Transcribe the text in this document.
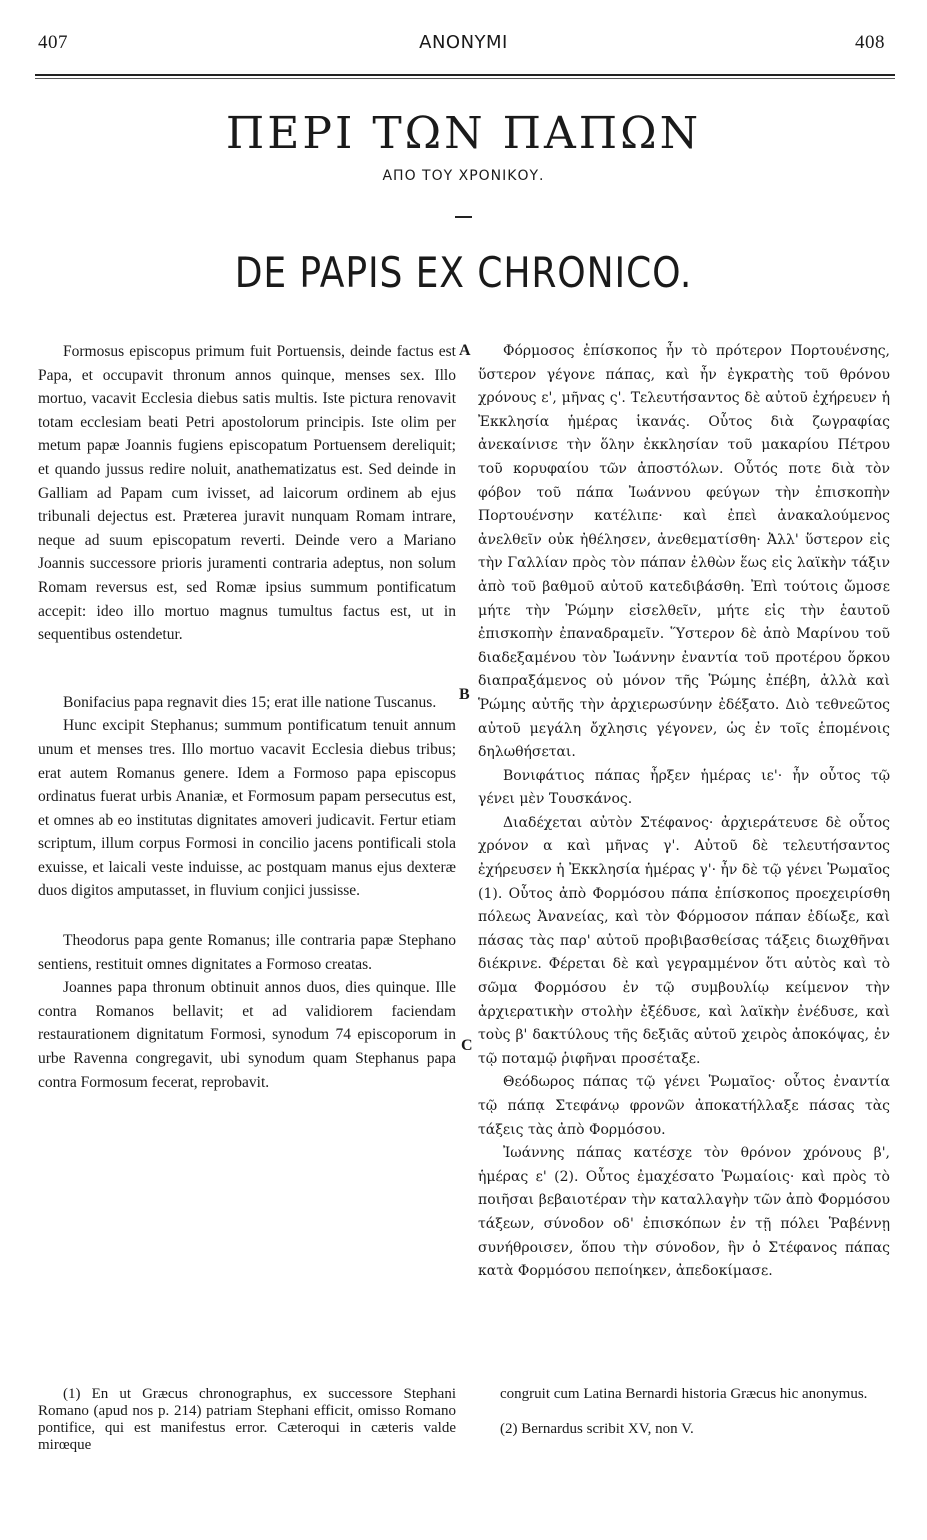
407	ANONYMI	408
ΠΕΡΙ ΤΩΝ ΠΑΠΩΝ
ΑΠΟ ΤΟΥ ΧΡΟΝΙΚΟΥ.
DE PAPIS EX CHRONICO.
A
B
C

Formosus episcopus primum fuit Portuensis, deinde factus est Papa, et occupavit thronum annos quinque, menses sex. Illo mortuo, vacavit Ecclesia diebus satis multis. Iste pictura renovavit totam ecclesiam beati Petri apostolorum principis. Iste olim per metum papæ Joannis fugiens episcopatum Portuensem dereliquit; et quando jussus redire noluit, anathematizatus est. Sed deinde in Galliam ad Papam cum ivisset, ad laicorum ordinem ab ejus tribunali dejectus est. Præterea juravit nunquam Romam intrare, neque ad suum episcopatum reverti. Deinde vero a Mariano Joannis successore prioris juramenti contraria adeptus, non solum Romam reversus est, sed Romæ ipsius summum pontificatum accepit: ideo illo mortuo magnus tumultus factus est, ut in sequentibus ostendetur.

Bonifacius papa regnavit dies 15; erat ille natione Tuscanus.

Hunc excipit Stephanus; summum pontificatum tenuit annum unum et menses tres. Illo mortuo vacavit Ecclesia diebus tribus; erat autem Romanus genere. Idem a Formoso papa episcopus ordinatus fuerat urbis Ananiæ, et Formosum papam persecutus est, et omnes ab eo institutas dignitates amoveri judicavit. Fertur etiam scriptum, illum corpus Formosi in concilio jacens pontificali stola exuisse, et laicali veste induisse, ac postquam manus ejus dexteræ duos digitos amputasset, in fluvium conjici jussisse.

Theodorus papa gente Romanus; ille contraria papæ Stephano sentiens, restituit omnes dignitates a Formoso creatas.

Joannes papa thronum obtinuit annos duos, dies quinque. Ille contra Romanos bellavit; et ad validiorem faciendam restaurationem dignitatum Formosi, synodum 74 episcoporum in urbe Ravenna congregavit, ubi synodum quam Stephanus papa contra Formosum fecerat, reprobavit.

Φόρμοσος ἐπίσκοπος ἦν τὸ πρότερον Πορτουένσης, ὕστερον γέγονε πάπας, καὶ ἦν ἐγκρατὴς τοῦ θρόνου χρόνους ε', μῆνας ς'. Τελευτήσαντος δὲ αὐτοῦ ἐχήρευεν ἡ Ἐκκλησία ἡμέρας ἱκανάς. Οὗτος διὰ ζωγραφίας ἀνεκαίνισε τὴν ὅλην ἐκκλησίαν τοῦ μακαρίου Πέτρου τοῦ κορυφαίου τῶν ἀποστόλων. Οὗτός ποτε διὰ τὸν φόβον τοῦ πάπα Ἰωάννου φεύγων τὴν ἐπισκοπὴν Πορτουένσην κατέλιπε· καὶ ἐπεὶ ἀνακαλούμενος ἀνελθεῖν οὐκ ἠθέλησεν, ἀνεθεματίσθη· Ἀλλ' ὕστερον εἰς τὴν Γαλλίαν πρὸς τὸν πάπαν ἐλθὼν ἕως εἰς λαϊκὴν τάξιν ἀπὸ τοῦ βαθμοῦ αὐτοῦ κατεδιβάσθη. Ἐπὶ τούτοις ὤμοσε μήτε τὴν Ῥώμην εἰσελθεῖν, μήτε εἰς τὴν ἑαυτοῦ ἐπισκοπὴν ἐπαναδραμεῖν. Ὕστερον δὲ ἀπὸ Μαρίνου τοῦ διαδεξαμένου τὸν Ἰωάννην ἐναντία τοῦ προτέρου ὅρκου διαπραξάμενος οὐ μόνον τῆς Ῥώμης ἐπέβη, ἀλλὰ καὶ Ῥώμης αὐτῆς τὴν ἀρχιερωσύνην ἐδέξατο. Διὸ τεθνεῶτος αὐτοῦ μεγάλη ὄχλησις γέγονεν, ὡς ἐν τοῖς ἑπομένοις δηλωθήσεται.

Βονιφάτιος πάπας ἦρξεν ἡμέρας ιε'· ἦν οὗτος τῷ γένει μὲν Τουσκάνος.

Διαδέχεται αὐτὸν Στέφανος· ἀρχιεράτευσε δὲ οὗτος χρόνον α καὶ μῆνας γ'. Αὐτοῦ δὲ τελευτήσαντος ἐχήρευσεν ἡ Ἐκκλησία ἡμέρας γ'· ἦν δὲ τῷ γένει Ῥωμαῖος (1). Οὗτος ἀπὸ Φορμόσου πάπα ἐπίσκοπος προεχειρίσθη πόλεως Ἀνανείας, καὶ τὸν Φόρμοσον πάπαν ἐδίωξε, καὶ πάσας τὰς παρ' αὐτοῦ προβιβασθείσας τάξεις διωχθῆναι διέκρινε. Φέρεται δὲ καὶ γεγραμμένον ὅτι αὐτὸς καὶ τὸ σῶμα Φορμόσου ἐν τῷ συμβουλίῳ κείμενον τὴν ἀρχιερατικὴν στολὴν ἐξέδυσε, καὶ λαϊκὴν ἐνέδυσε, καὶ τοὺς β' δακτύλους τῆς δεξιᾶς αὐτοῦ χειρὸς ἀποκόψας, ἐν τῷ ποταμῷ ῥιφῆναι προσέταξε.

Θεόδωρος πάπας τῷ γένει Ῥωμαῖος· οὗτος ἐναντία τῷ πάπᾳ Στεφάνῳ φρονῶν ἀποκατήλλαξε πάσας τὰς τάξεις τὰς ἀπὸ Φορμόσου.

Ἰωάννης πάπας κατέσχε τὸν θρόνον χρόνους β', ἡμέρας ε' (2). Οὗτος ἐμαχέσατο Ῥωμαίοις· καὶ πρὸς τὸ ποιῆσαι βεβαιοτέραν τὴν καταλλαγὴν τῶν ἀπὸ Φορμόσου τάξεων, σύνοδον οδ' ἐπισκόπων ἐν τῇ πόλει Ῥαβέννῃ συνήθροισεν, ὅπου τὴν σύνοδον, ἣν ὁ Στέφανος πάπας κατὰ Φορμόσου πεποίηκεν, ἀπεδοκίμασε.

(1) En ut Græcus chronographus, ex successore Stephani Romano (apud nos p. 214) patriam Stephani efficit, omisso Romano pontifice, qui est manifestus error. Cæteroqui in cæteris valde mirœque
congruit cum Latina Bernardi historia Græcus hic anonymus.
(2) Bernardus scribit XV, non V.
